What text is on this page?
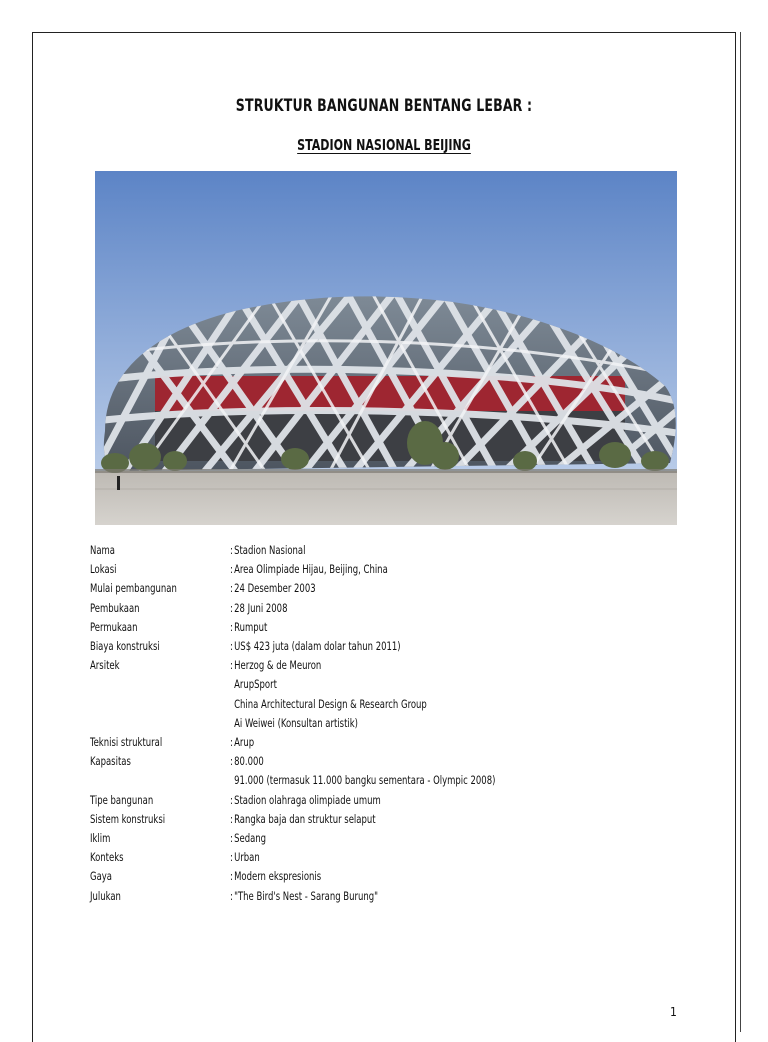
STRUKTUR BANGUNAN BENTANG LEBAR :
STADION NASIONAL BEIJING
Nama	: Stadion Nasional
Lokasi	: Area Olimpiade Hijau, Beijing, China
Mulai pembangunan	: 24 Desember 2003
Pembukaan	: 28 Juni 2008
Permukaan	: Rumput
Biaya konstruksi	: US$ 423 juta (dalam dolar tahun 2011)
Arsitek	: Herzog & de Meuron
ArupSport
China Architectural Design & Research Group
Ai Weiwei (Konsultan artistik)
Teknisi struktural	: Arup
Kapasitas	: 80.000
91.000 (termasuk 11.000 bangku sementara - Olympic 2008)
Tipe bangunan	: Stadion olahraga olimpiade umum
Sistem konstruksi	: Rangka baja dan struktur selaput
Iklim	: Sedang
Konteks	: Urban
Gaya	: Modern ekspresionis
Julukan	: "The Bird's Nest - Sarang Burung"
1
